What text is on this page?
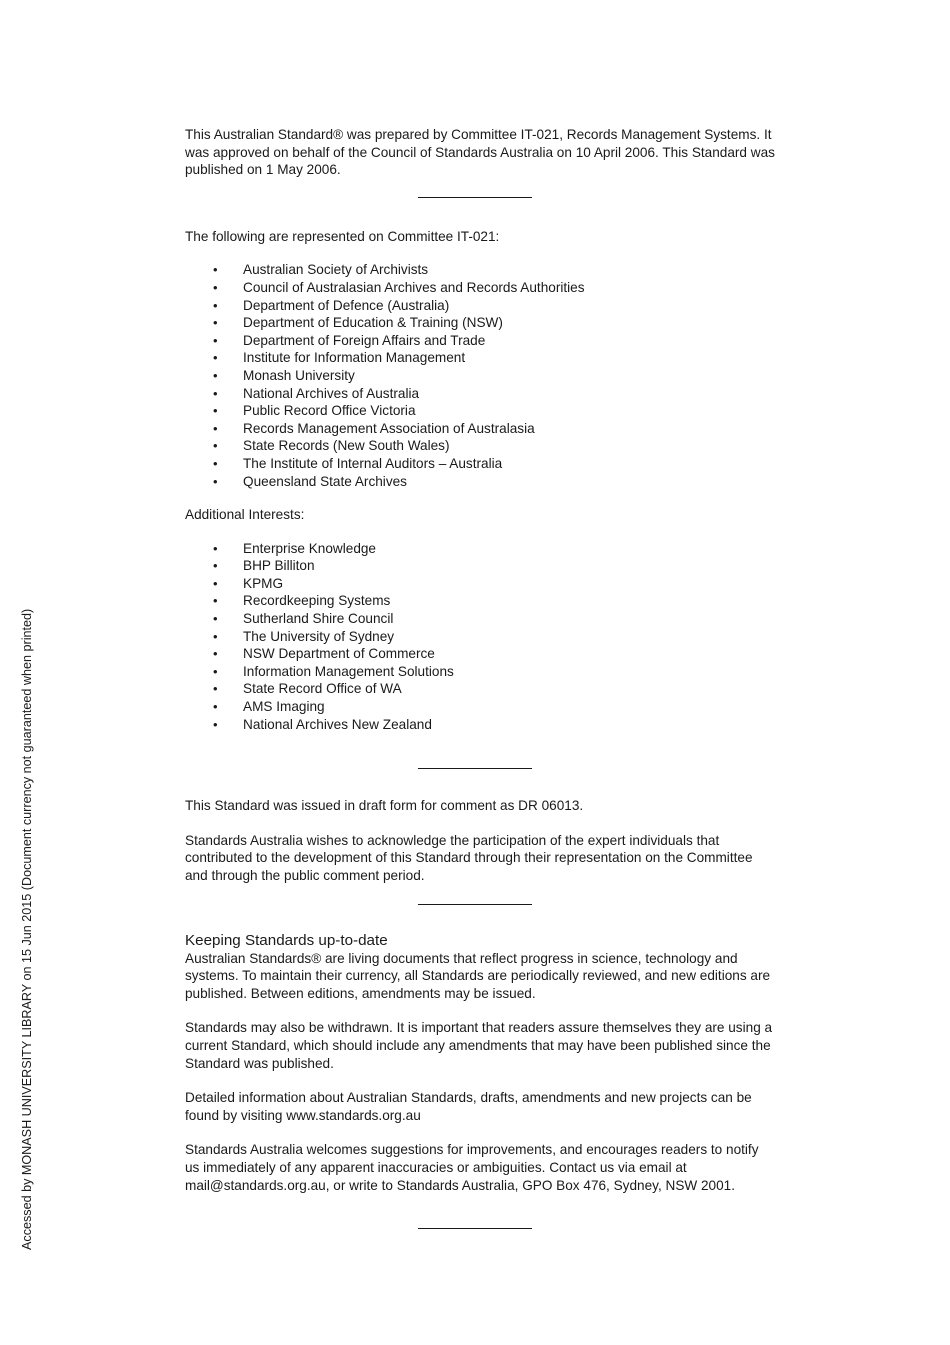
This Australian Standard® was prepared by Committee IT-021, Records Management Systems. It was approved on behalf of the Council of Standards Australia on 10 April 2006. This Standard was published on 1 May 2006.

The following are represented on Committee IT-021:

• Australian Society of Archivists
• Council of Australasian Archives and Records Authorities
• Department of Defence (Australia)
• Department of Education & Training (NSW)
• Department of Foreign Affairs and Trade
• Institute for Information Management
• Monash University
• National Archives of Australia
• Public Record Office Victoria
• Records Management Association of Australasia
• State Records (New South Wales)
• The Institute of Internal Auditors – Australia
• Queensland State Archives

Additional Interests:

• Enterprise Knowledge
• BHP Billiton
• KPMG
• Recordkeeping Systems
• Sutherland Shire Council
• The University of Sydney
• NSW Department of Commerce
• Information Management Solutions
• State Record Office of WA
• AMS Imaging
• National Archives New Zealand

This Standard was issued in draft form for comment as DR 06013.

Standards Australia wishes to acknowledge the participation of the expert individuals that contributed to the development of this Standard through their representation on the Committee and through the public comment period.

Keeping Standards up-to-date

Australian Standards® are living documents that reflect progress in science, technology and systems. To maintain their currency, all Standards are periodically reviewed, and new editions are published. Between editions, amendments may be issued.

Standards may also be withdrawn. It is important that readers assure themselves they are using a current Standard, which should include any amendments that may have been published since the Standard was published.

Detailed information about Australian Standards, drafts, amendments and new projects can be found by visiting www.standards.org.au

Standards Australia welcomes suggestions for improvements, and encourages readers to notify us immediately of any apparent inaccuracies or ambiguities. Contact us via email at mail@standards.org.au, or write to Standards Australia, GPO Box 476, Sydney, NSW 2001.

Accessed by MONASH UNIVERSITY LIBRARY on 15 Jun 2015 (Document currency not guaranteed when printed)
